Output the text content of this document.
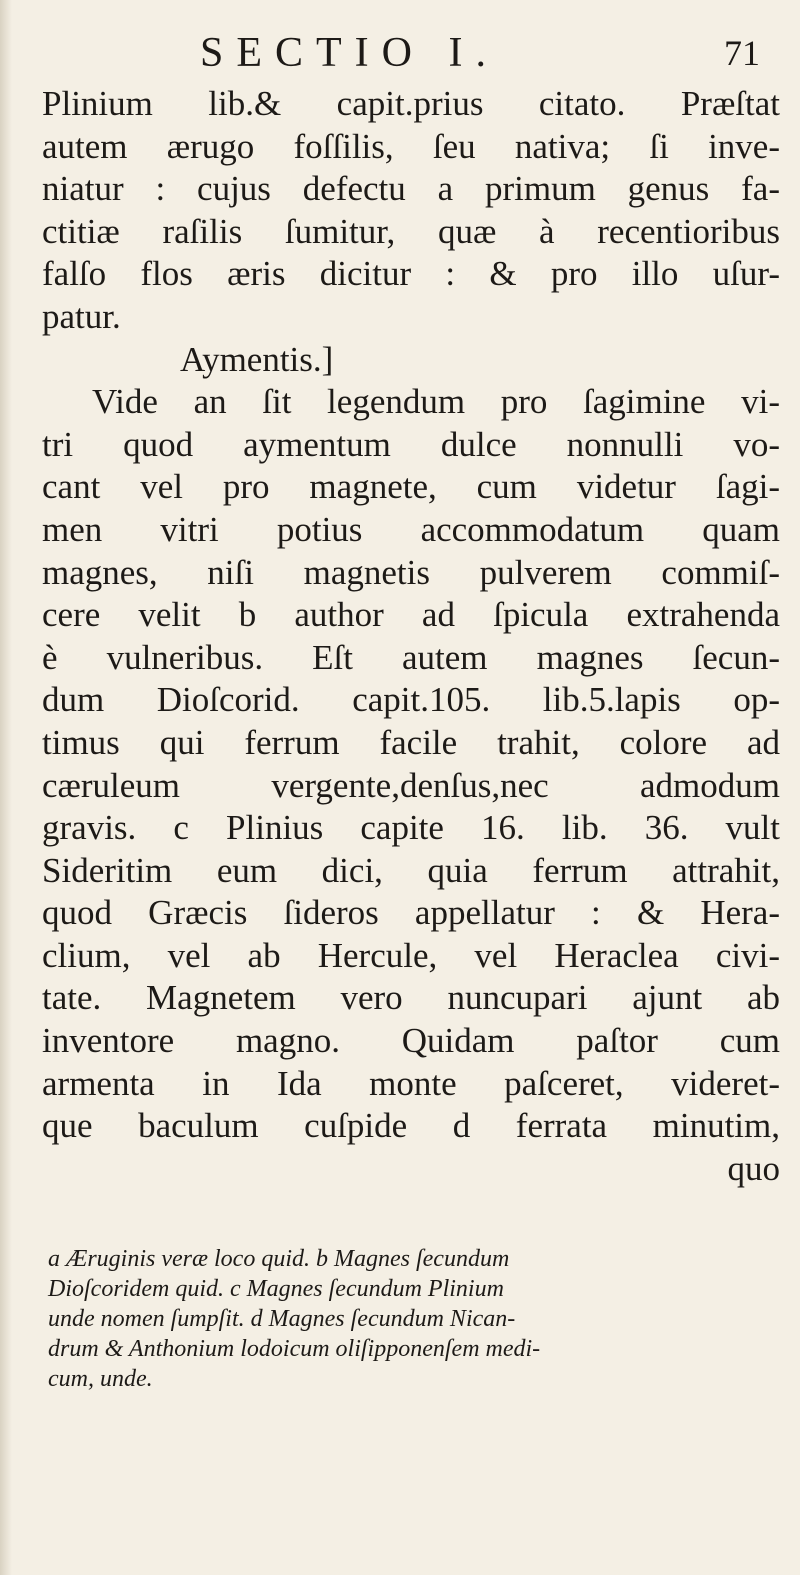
SECTIO I.	71
Plinium lib.& capit.prius citato. Præſtat
autem ærugo foſſilis, ſeu nativa; ſi inve-
niatur : cujus defectu a primum genus fa-
ctitiæ raſilis ſumitur, quæ à recentioribus
falſo flos æris dicitur : & pro illo uſur-
patur.
Aymentis.]
Vide an ſit legendum pro ſagimine vi-
tri quod aymentum dulce nonnulli vo-
cant vel pro magnete, cum videtur ſagi-
men vitri potius accommodatum quam
magnes, niſi magnetis pulverem commiſ-
cere velit b author ad ſpicula extrahenda
è vulneribus. Eſt autem magnes ſecun-
dum Dioſcorid. capit.105. lib.5.lapis op-
timus qui ferrum facile trahit, colore ad
cæruleum vergente,denſus,nec admodum
gravis. c Plinius capite 16. lib. 36. vult
Sideritim eum dici, quia ferrum attrahit,
quod Græcis ſideros appellatur : & Hera-
clium, vel ab Hercule, vel Heraclea civi-
tate. Magnetem vero nuncupari ajunt ab
inventore magno. Quidam paſtor cum
armenta in Ida monte paſceret, videret-
que baculum cuſpide d ferrata minutim,
quo
a Æruginis veræ loco quid. b Magnes ſecundum
Dioſcoridem quid. c Magnes ſecundum Plinium
unde nomen ſumpſit. d Magnes ſecundum Nican-
drum & Anthonium lodoicum oliſipponenſem medi-
cum, unde.
